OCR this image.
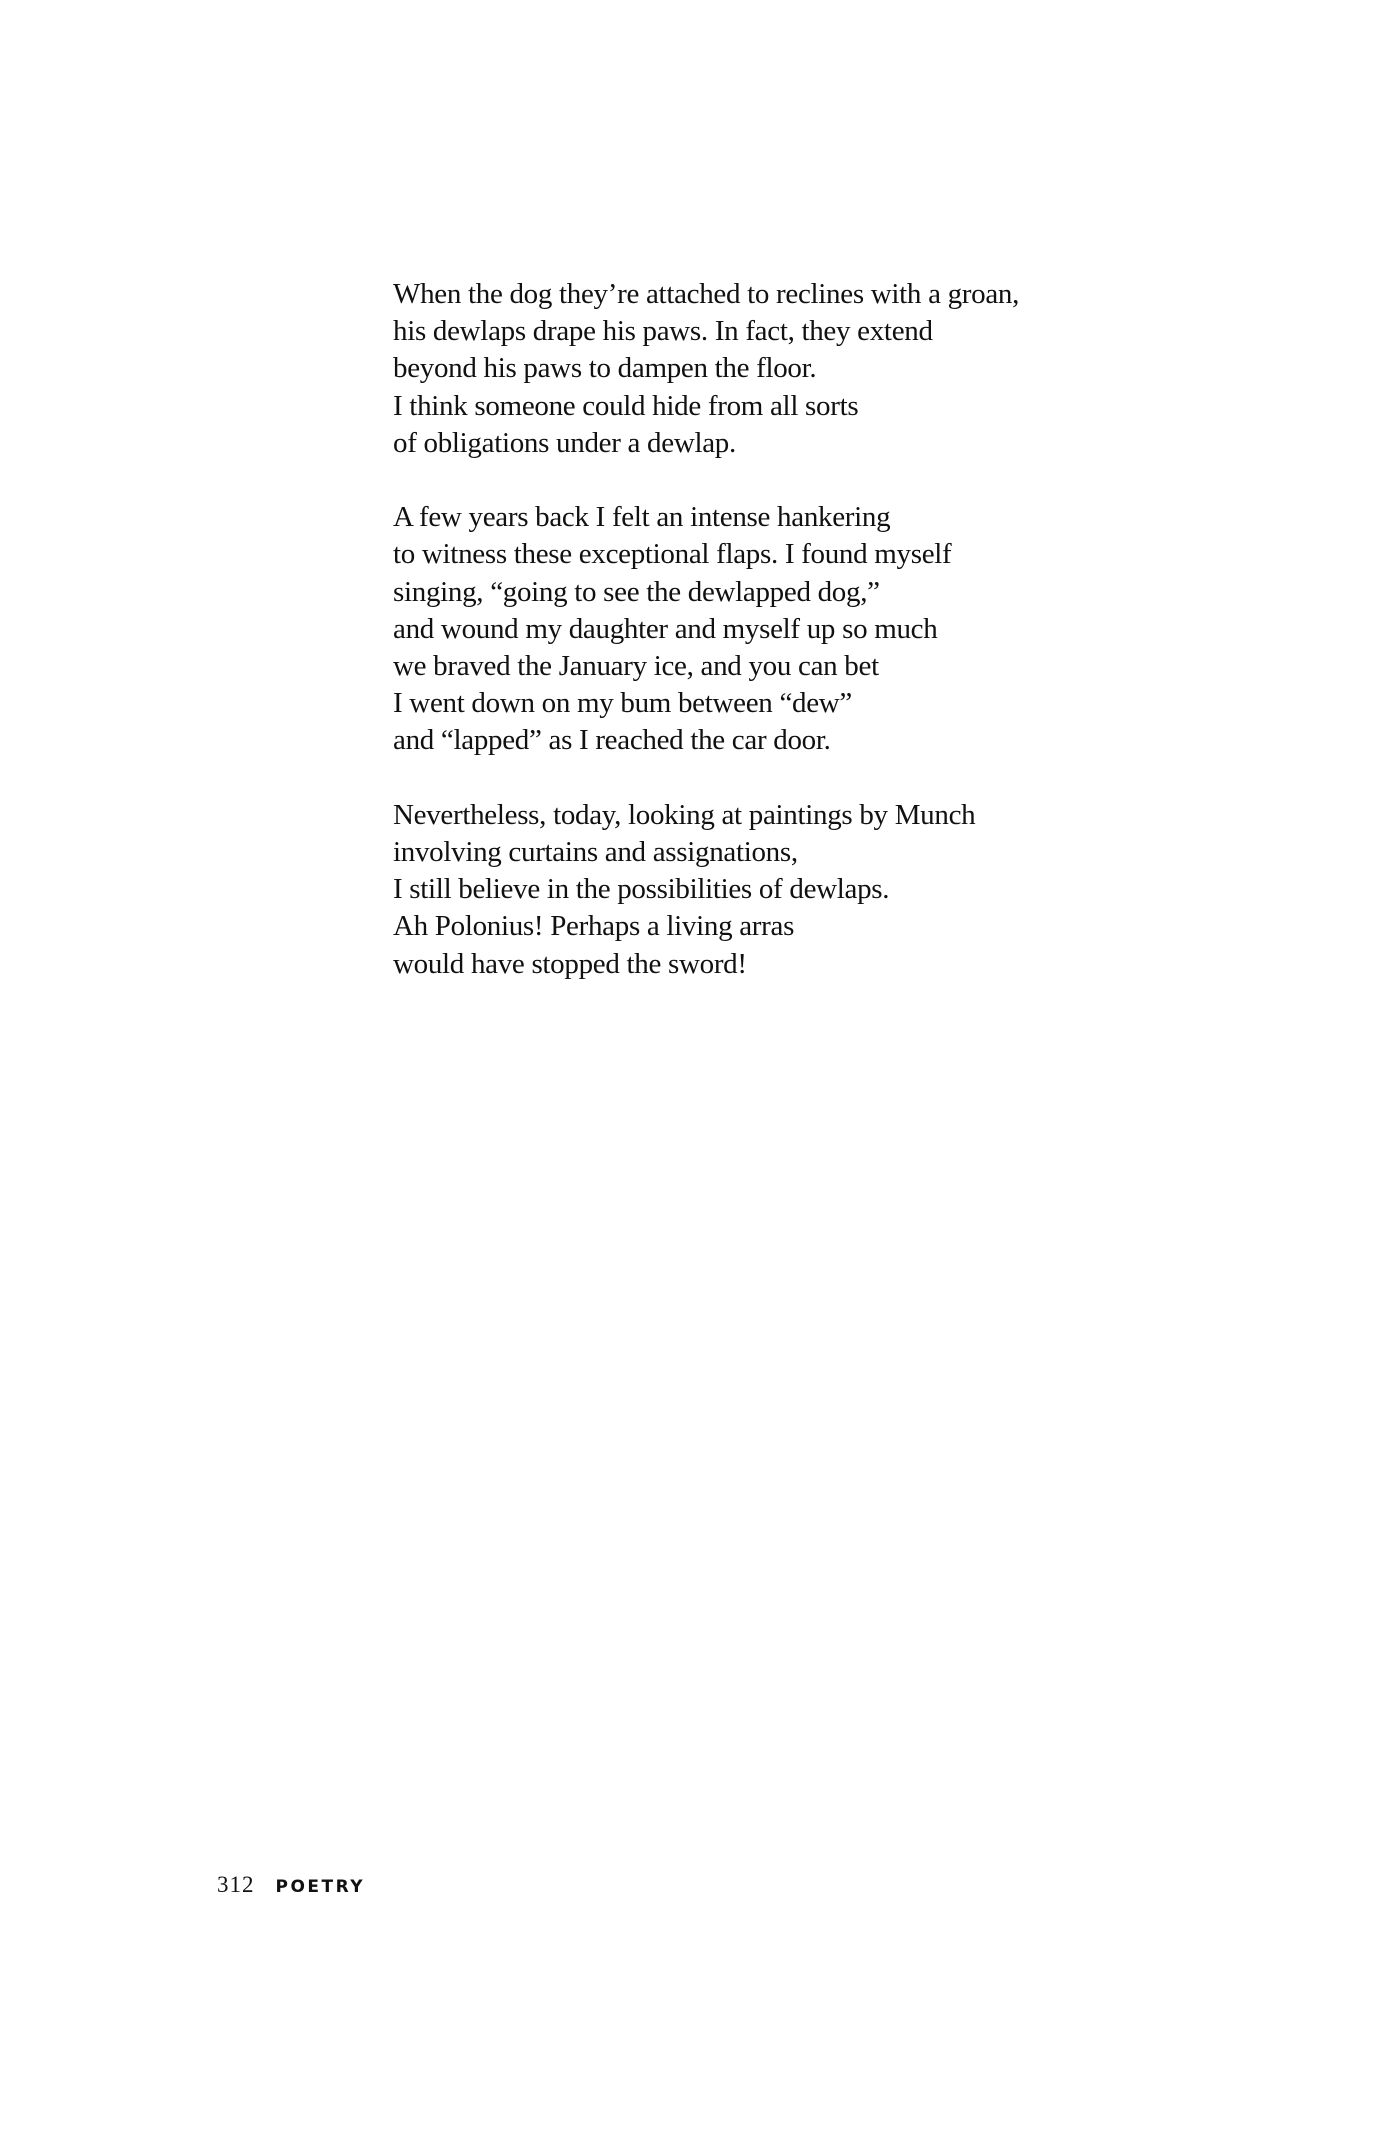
When the dog they’re attached to reclines with a groan,
his dewlaps drape his paws. In fact, they extend
beyond his paws to dampen the floor.
I think someone could hide from all sorts
of obligations under a dewlap.
A few years back I felt an intense hankering
to witness these exceptional flaps. I found myself
singing, “going to see the dewlapped dog,”
and wound my daughter and myself up so much
we braved the January ice, and you can bet
I went down on my bum between “dew”
and “lapped” as I reached the car door.
Nevertheless, today, looking at paintings by Munch
involving curtains and assignations,
I still believe in the possibilities of dewlaps.
Ah Polonius! Perhaps a living arras
would have stopped the sword!
312 POETRY
